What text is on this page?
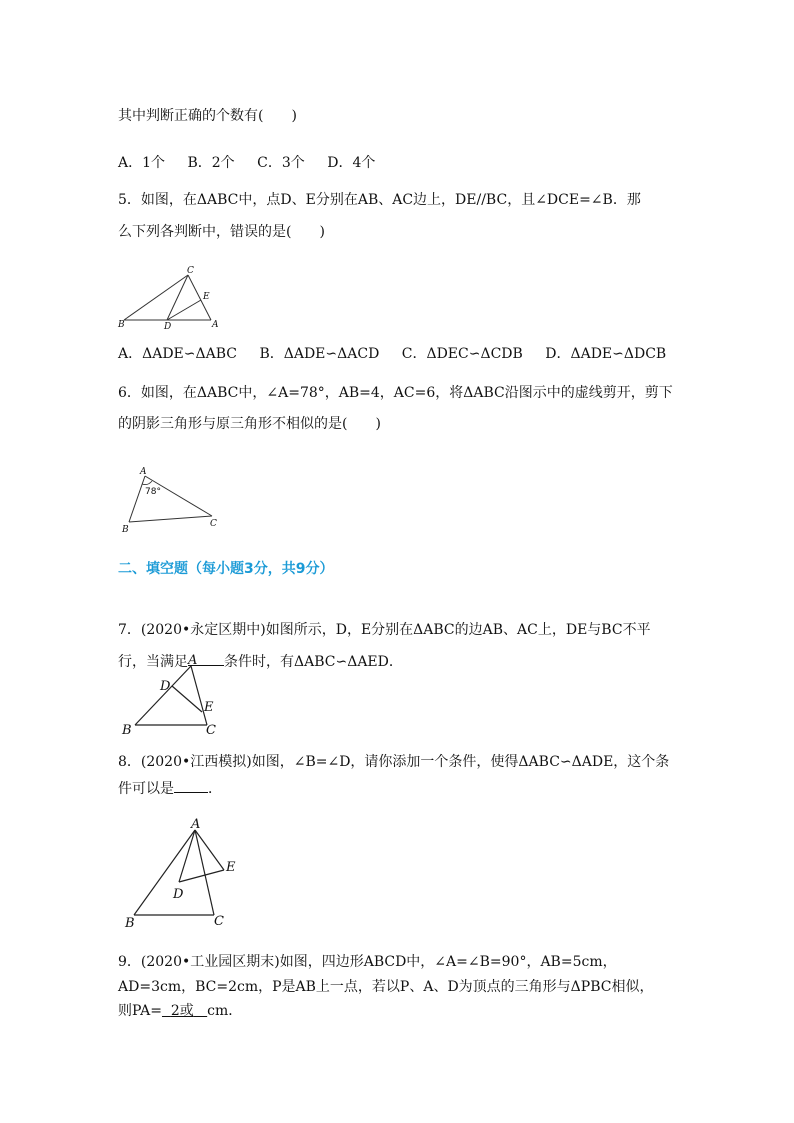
其中判断正确的个数有(　　)
A．1个 B．2个 C．3个 D．4个
5．如图，在ΔABC中，点D、E分别在AB、AC边上，DE//BC，且∠DCE=∠B．那
么下列各判断中，错误的是(　　)
C
E
B	D	A
A．ΔADE∽ΔABC B．ΔADE∽ΔACD C．ΔDEC∽ΔCDB D．ΔADE∽ΔDCB
6．如图，在ΔABC中，∠A=78°，AB=4，AC=6，将ΔABC沿图示中的虚线剪开，剪下
的阴影三角形与原三角形不相似的是(　　)
A
78°
B
C
二、填空题（每小题3分，共9分）
7．(2020•永定区期中)如图所示，D，E分别在ΔABC的边AB、AC上，DE与BC不平
行，当满足	条件时，有ΔABC∽ΔAED．
A
D
E
B	C
8．(2020•江西模拟)如图，∠B=∠D，请你添加一个条件，使得ΔABC∽ΔADE，这个条
件可以是 ．
A
E
D
B	C
9．(2020•工业园区期末)如图，四边形ABCD中，∠A=∠B=90°，AB=5cm，
AD=3cm，BC=2cm，P是AB上一点，若以P、A、D为顶点的三角形与ΔPBC相似，
则PA= 2或 cm．
